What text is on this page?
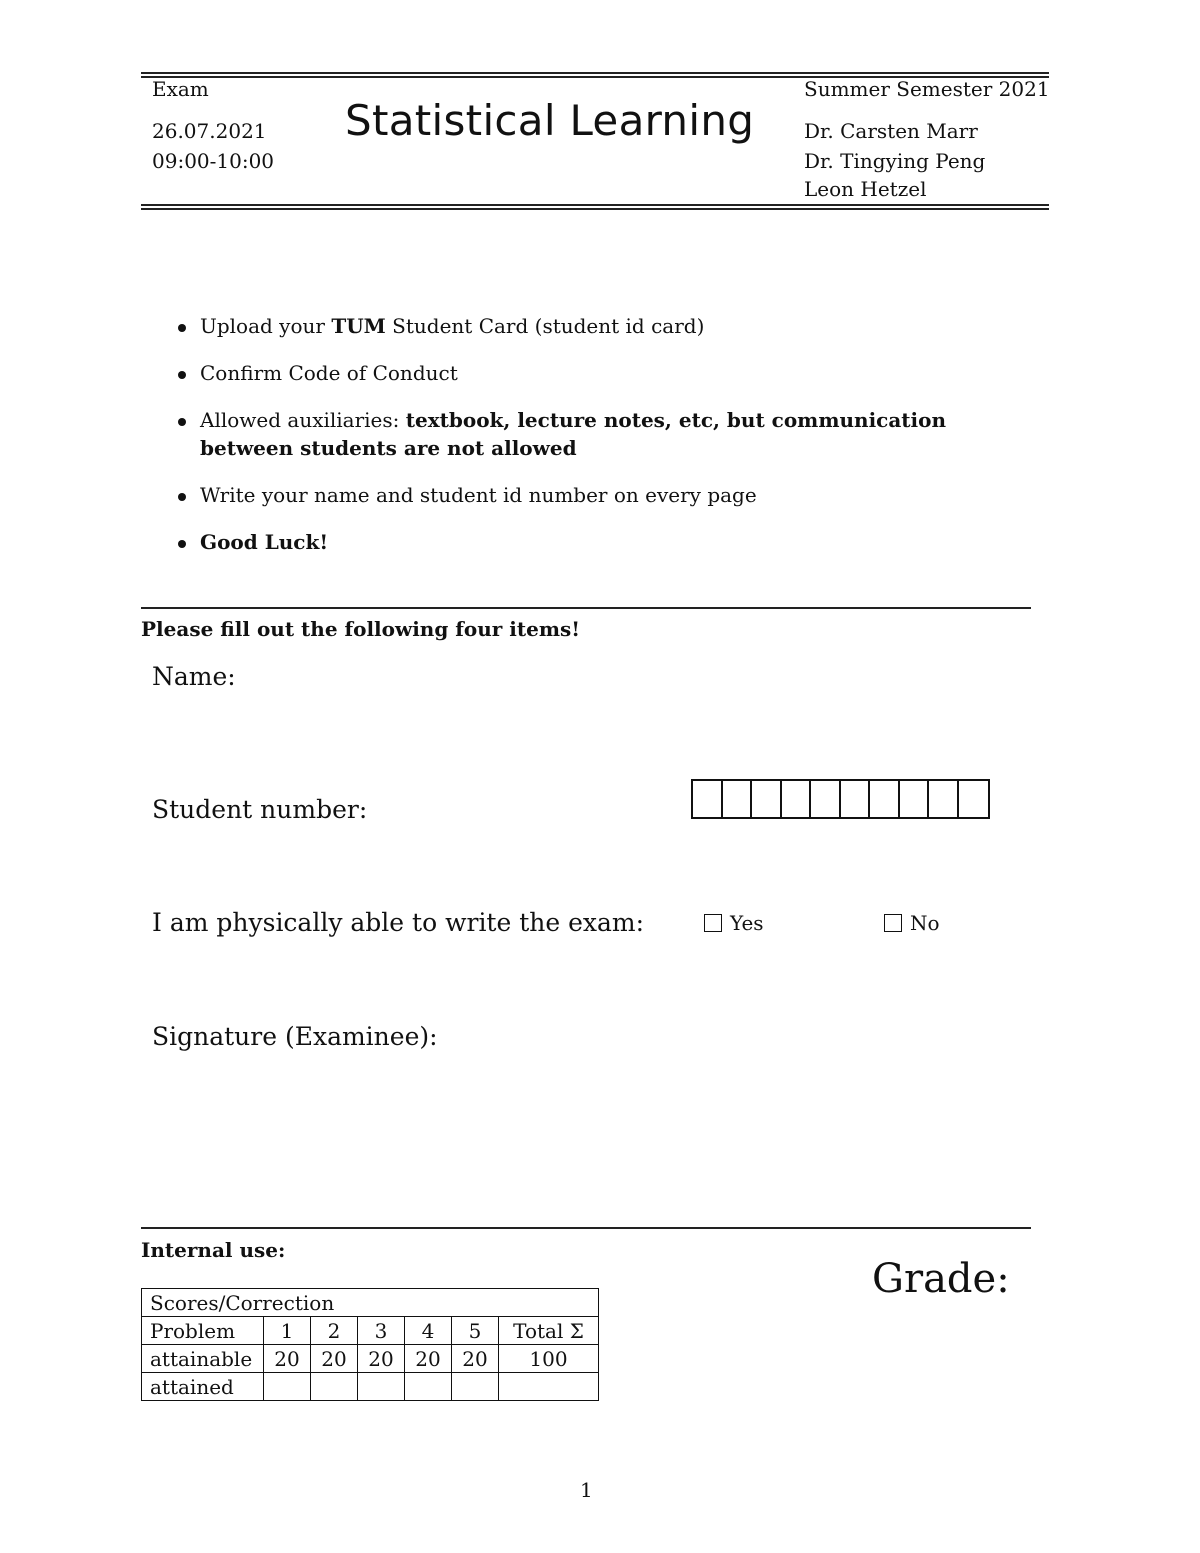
Exam
26.07.2021
09:00-10:00
Statistical Learning
Summer Semester 2021
Dr. Carsten Marr
Dr. Tingying Peng
Leon Hetzel
Upload your TUM Student Card (student id card)
Confirm Code of Conduct
Allowed auxiliaries: textbook, lecture notes, etc, but communication between students are not allowed
Write your name and student id number on every page
Good Luck!
Please fill out the following four items!
Name:
Student number:
I am physically able to write the exam:	Yes	No
Signature (Examinee):
Internal use:
Grade:
Scores/Correction						
Problem	1	2	3	4	5	Total Σ
attainable	20	20	20	20	20	100
attained						
1
